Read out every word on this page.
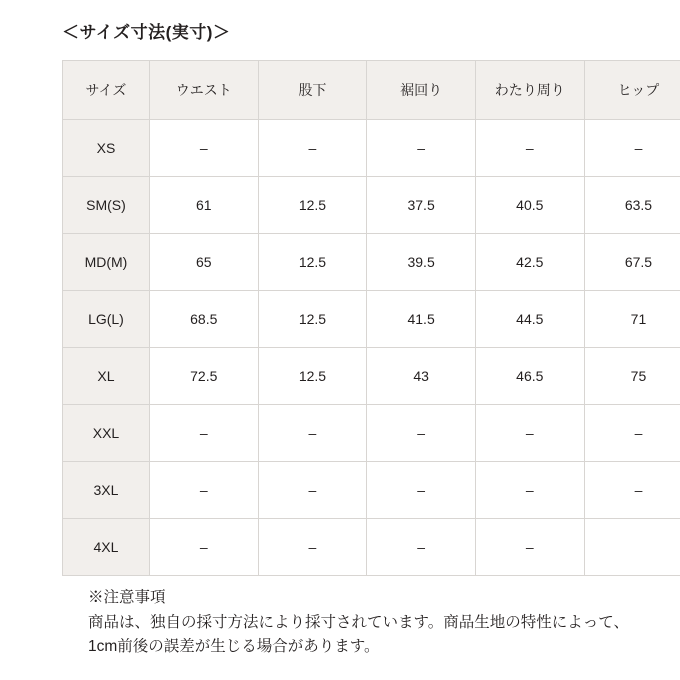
＜サイズ寸法(実寸)＞
サイズ	ウエスト	股下	裾回り	わたり周り	ヒップ	
XS	–	–	–	–	–	
SM(S)	61	12.5	37.5	40.5	63.5	
MD(M)	65	12.5	39.5	42.5	67.5	
LG(L)	68.5	12.5	41.5	44.5	71	
XL	72.5	12.5	43	46.5	75	
XXL	–	–	–	–	–	
3XL	–	–	–	–	–	
4XL	–	–	–	–		

※注意事項

商品は、独自の採寸方法により採寸されています。商品生地の特性によって、1cm前後の誤差が生じる場合があります。
